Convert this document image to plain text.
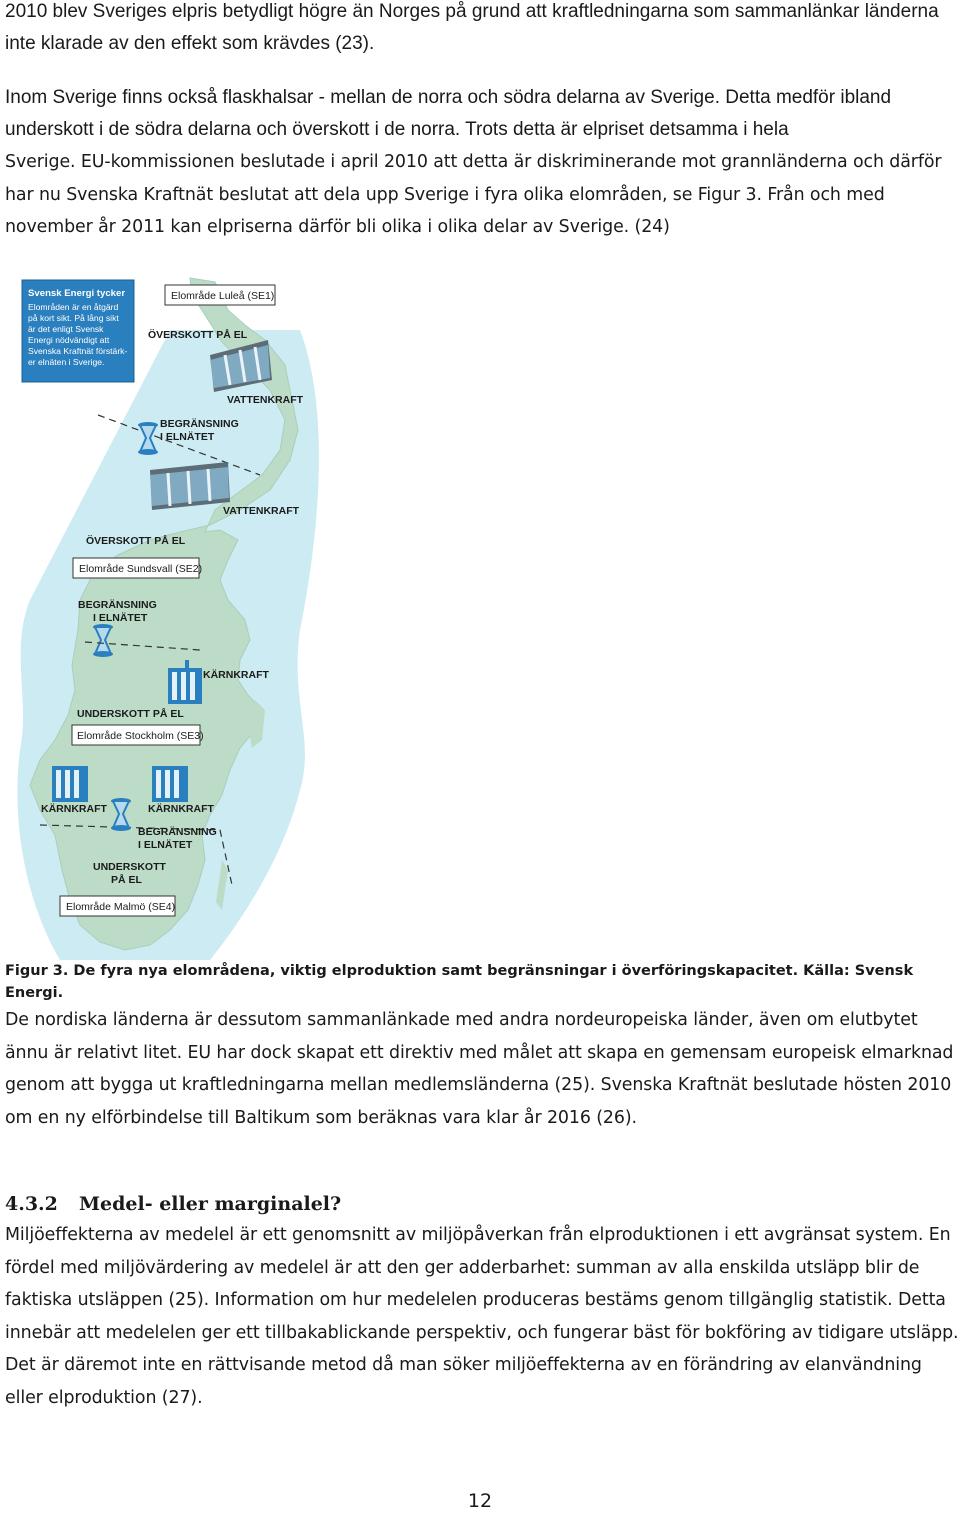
2010 blev Sveriges elpris betydligt högre än Norges på grund att kraftledningarna som sammanlänkar länderna inte klarade av den effekt som krävdes (23).

Inom Sverige finns också flaskhalsar - mellan de norra och södra delarna av Sverige. Detta medför ibland underskott i de södra delarna och överskott i de norra. Trots detta är elpriset detsamma i hela

Sverige. EU-kommissionen beslutade i april 2010 att detta är diskriminerande mot grannländerna och därför har nu Svenska Kraftnät beslutat att dela upp Sverige i fyra olika elområden, se Figur 3. Från och med november år 2011 kan elpriserna därför bli olika i olika delar av Sverige. (24)

Svensk Energi tycker
Elområden är en åtgärd
på kort sikt. På lång sikt
är det enligt Svensk
Energi nödvändigt att
Svenska Kraftnät förstärk-
er elnäten i Sverige.
Elområde Luleå (SE1)
ÖVERSKOTT PÅ EL
VATTENKRAFT
BEGRÄNSNING
I ELNÄTET
VATTENKRAFT
ÖVERSKOTT PÅ EL
Elområde Sundsvall (SE2)
BEGRÄNSNING
I ELNÄTET
KÄRNKRAFT
UNDERSKOTT PÅ EL
Elområde Stockholm (SE3)
KÄRNKRAFT	KÄRNKRAFT
BEGRÄNSNING
I ELNÄTET
UNDERSKOTT
PÅ EL
Elområde Malmö (SE4)

Figur 3. De fyra nya elområdena, viktig elproduktion samt begränsningar i överföringskapacitet. Källa: Svensk Energi.

De nordiska länderna är dessutom sammanlänkade med andra nordeuropeiska länder, även om elutbytet ännu är relativt litet. EU har dock skapat ett direktiv med målet att skapa en gemensam europeisk elmarknad genom att bygga ut kraftledningarna mellan medlemsländerna (25). Svenska Kraftnät beslutade hösten 2010 om en ny elförbindelse till Baltikum som beräknas vara klar år 2016 (26).

4.3.2 Medel- eller marginalel?

Miljöeffekterna av medelel är ett genomsnitt av miljöpåverkan från elproduktionen i ett avgränsat system. En fördel med miljövärdering av medelel är att den ger adderbarhet: summan av alla enskilda utsläpp blir de faktiska utsläppen (25). Information om hur medelelen produceras bestäms genom tillgänglig statistik. Detta innebär att medelelen ger ett tillbakablickande perspektiv, och fungerar bäst för bokföring av tidigare utsläpp. Det är däremot inte en rättvisande metod då man söker miljöeffekterna av en förändring av elanvändning eller elproduktion (27).

12
